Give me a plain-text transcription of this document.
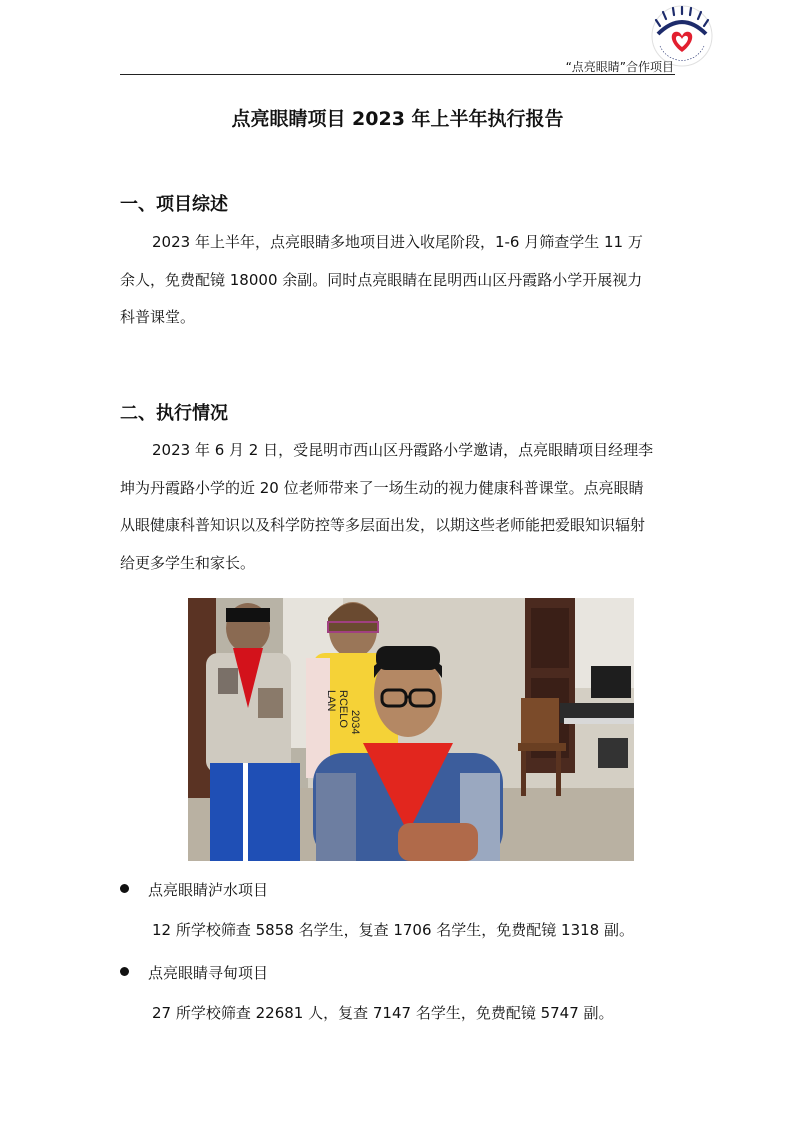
“点亮眼睛”合作项目
点亮眼睛项目 2023 年上半年执行报告
一、项目综述
2023 年上半年，点亮眼睛多地项目进入收尾阶段，1-6 月筛查学生 11 万
余人，免费配镜 18000 余副。同时点亮眼睛在昆明西山区丹霞路小学开展视力
科普课堂。
二、执行情况
2023 年 6 月 2 日，受昆明市西山区丹霞路小学邀请，点亮眼睛项目经理李
坤为丹霞路小学的近 20 位老师带来了一场生动的视力健康科普课堂。点亮眼睛
从眼健康科普知识以及科学防控等多层面出发，以期这些老师能把爱眼知识辐射
给更多学生和家长。
LAN RCELO 2034
点亮眼睛泸水项目
12 所学校筛查 5858 名学生，复查 1706 名学生，免费配镜 1318 副。
点亮眼睛寻甸项目
27 所学校筛查 22681 人，复查 7147 名学生，免费配镜 5747 副。
